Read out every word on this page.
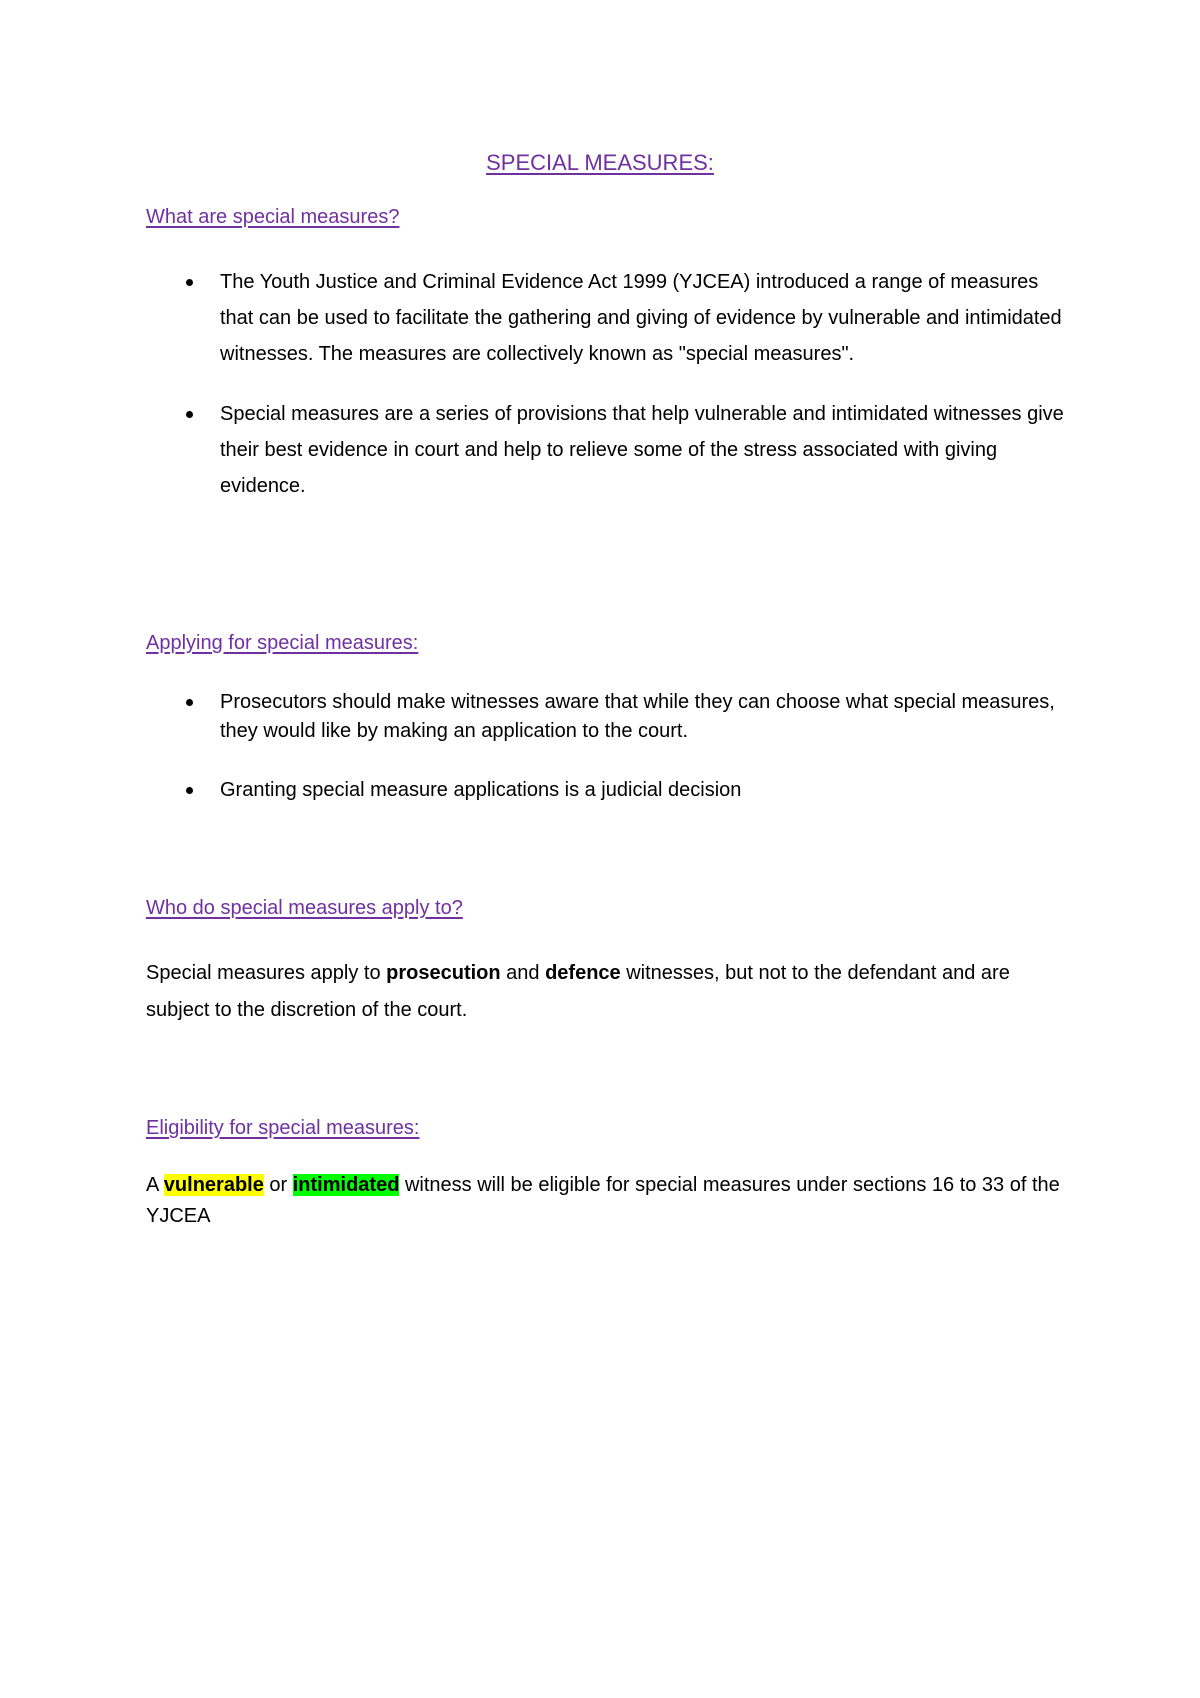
SPECIAL MEASURES:
What are special measures?
The Youth Justice and Criminal Evidence Act 1999 (YJCEA) introduced a range of measures that can be used to facilitate the gathering and giving of evidence by vulnerable and intimidated witnesses. The measures are collectively known as "special measures".
Special measures are a series of provisions that help vulnerable and intimidated witnesses give their best evidence in court and help to relieve some of the stress associated with giving evidence.
Applying for special measures:
Prosecutors should make witnesses aware that while they can choose what special measures, they would like by making an application to the court.
Granting special measure applications is a judicial decision
Who do special measures apply to?

Special measures apply to prosecution and defence witnesses, but not to the defendant and are subject to the discretion of the court.

Eligibility for special measures:

A vulnerable or intimidated witness will be eligible for special measures under sections 16 to 33 of the YJCEA
